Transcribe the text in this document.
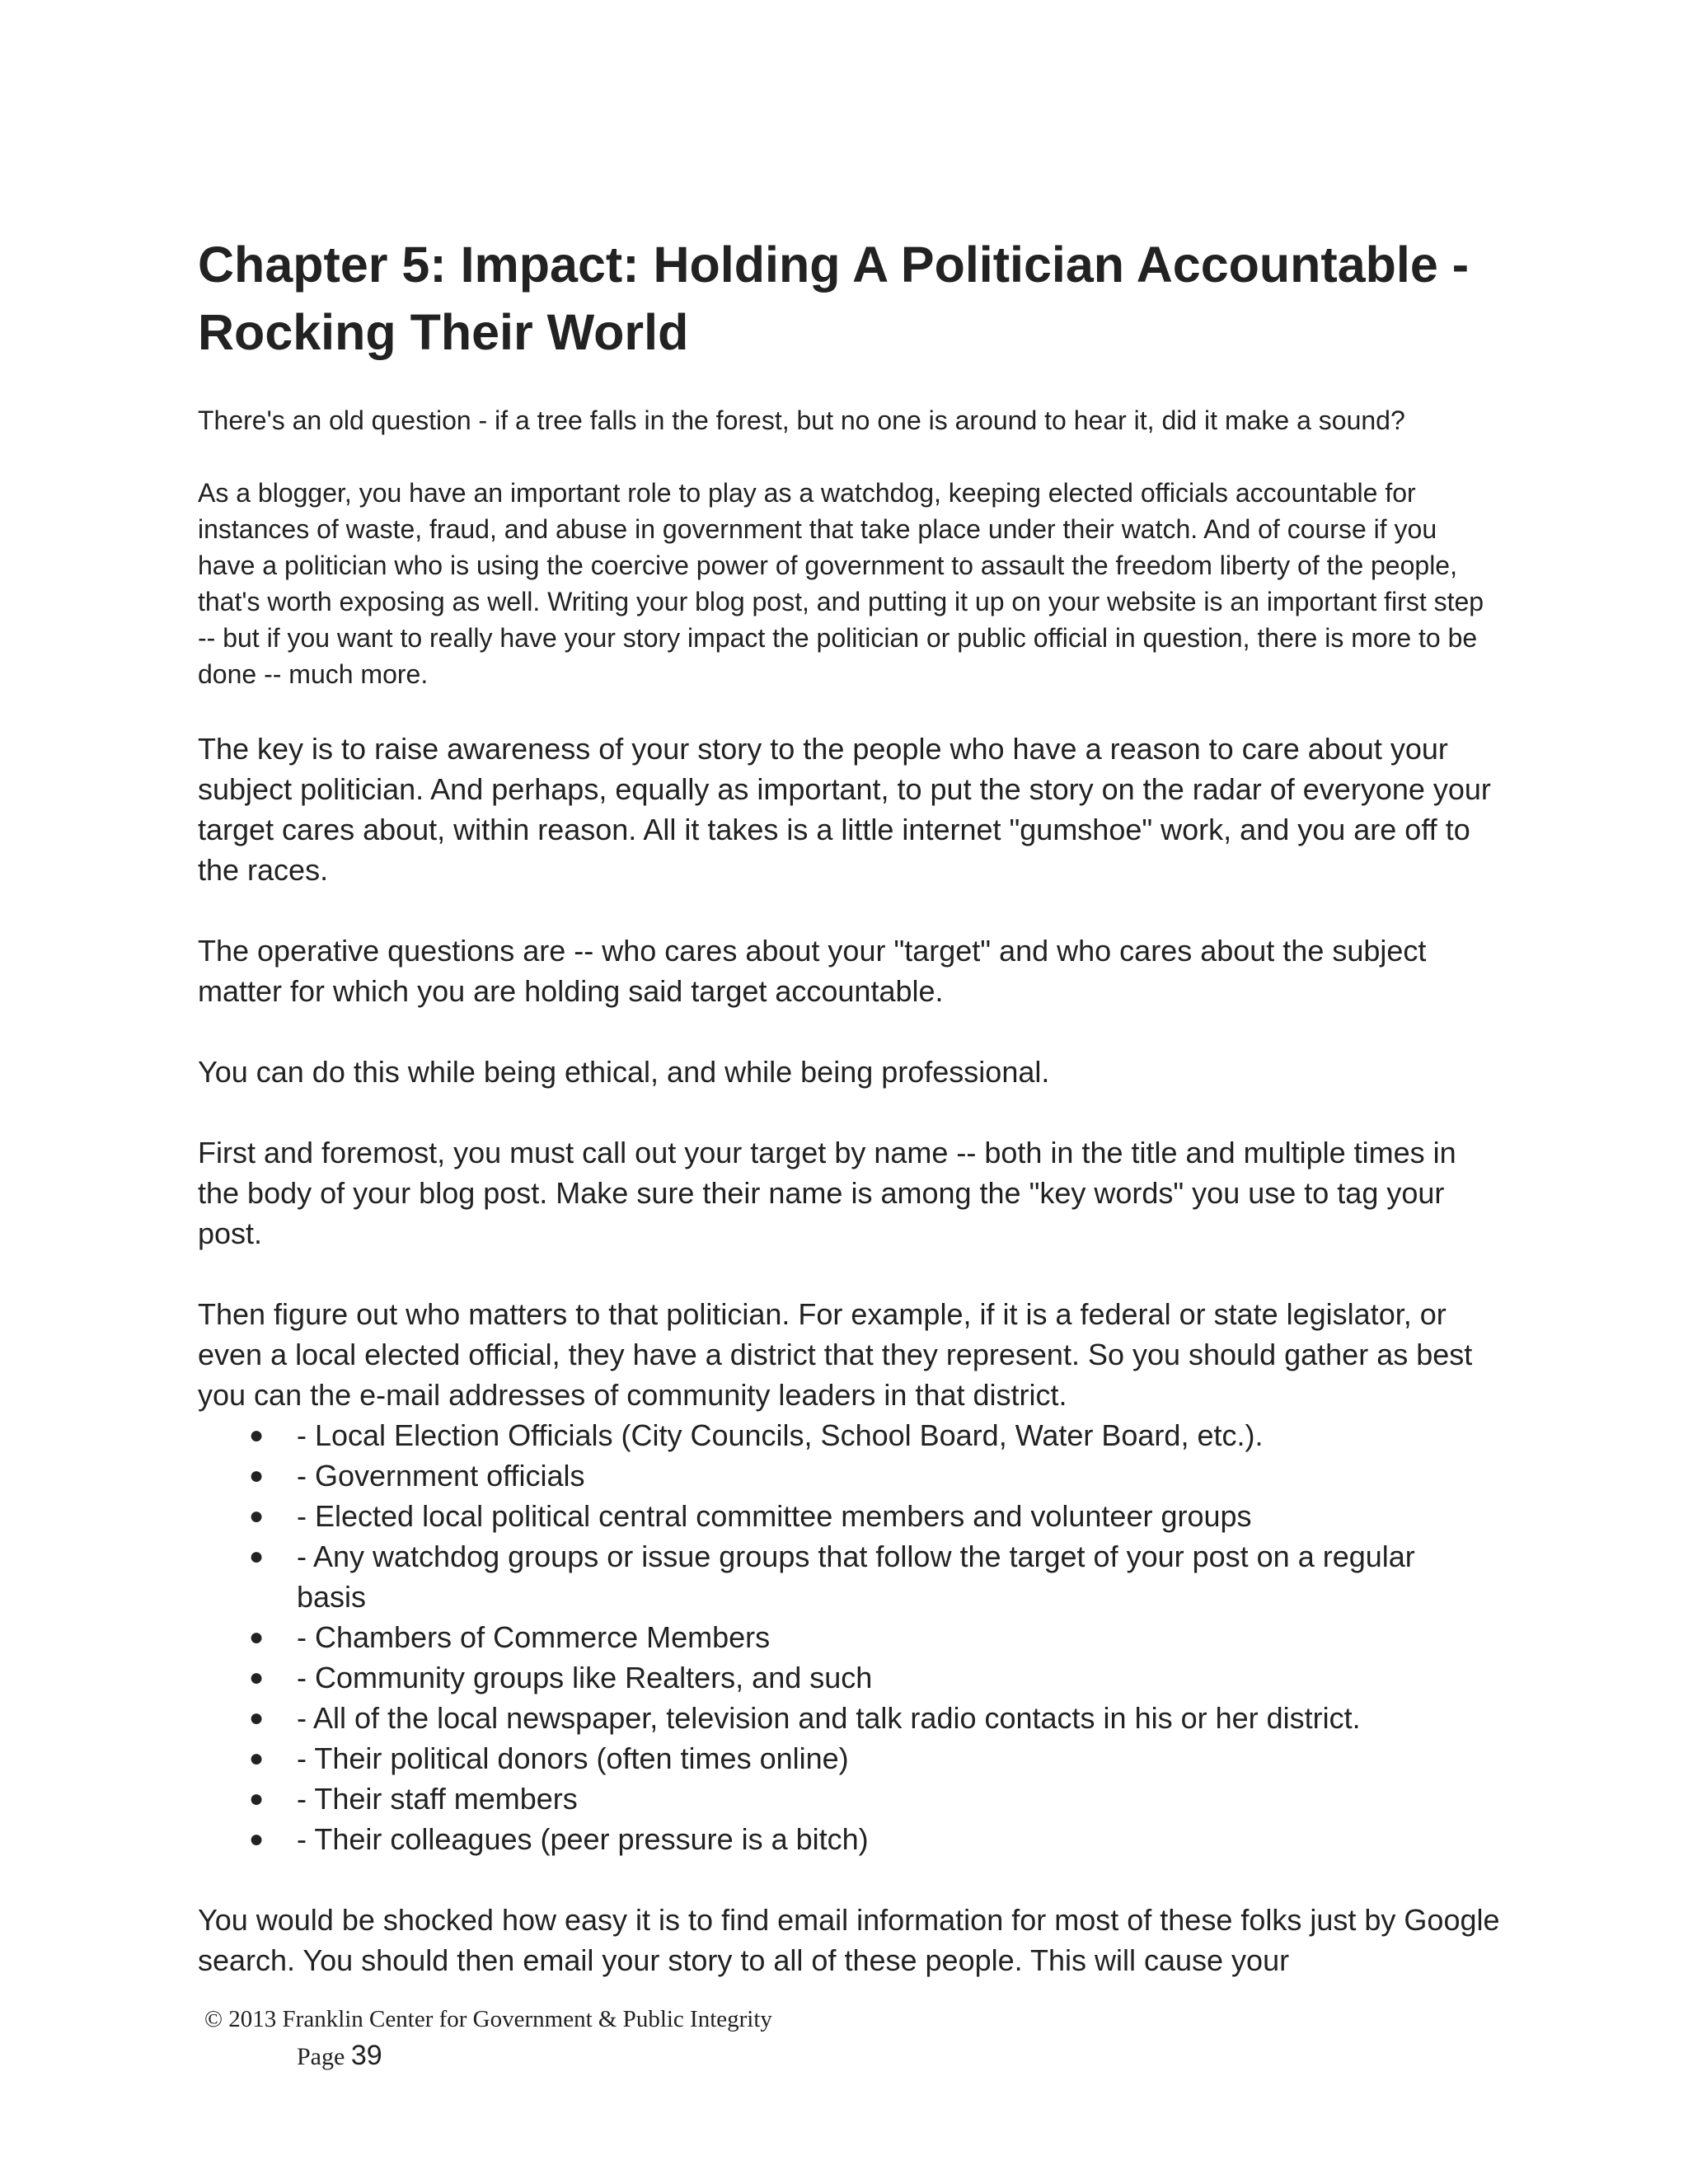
Chapter 5: Impact: Holding A Politician Accountable - Rocking Their World

There's an old question - if a tree falls in the forest, but no one is around to hear it, did it make a sound?

As a blogger, you have an important role to play as a watchdog, keeping elected officials accountable for instances of waste, fraud, and abuse in government that take place under their watch. And of course if you have a politician who is using the coercive power of government to assault the freedom liberty of the people, that's worth exposing as well. Writing your blog post, and putting it up on your website is an important first step -- but if you want to really have your story impact the politician or public official in question, there is more to be done -- much more.

The key is to raise awareness of your story to the people who have a reason to care about your subject politician. And perhaps, equally as important, to put the story on the radar of everyone your target cares about, within reason. All it takes is a little internet "gumshoe" work, and you are off to the races.

The operative questions are -- who cares about your "target" and who cares about the subject matter for which you are holding said target accountable.

You can do this while being ethical, and while being professional.

First and foremost, you must call out your target by name -- both in the title and multiple times in the body of your blog post. Make sure their name is among the "key words" you use to tag your post.

Then figure out who matters to that politician. For example, if it is a federal or state legislator, or even a local elected official, they have a district that they represent. So you should gather as best you can the e-mail addresses of community leaders in that district.

● - Local Election Officials (City Councils, School Board, Water Board, etc.).
● - Government officials
● - Elected local political central committee members and volunteer groups
● - Any watchdog groups or issue groups that follow the target of your post on a regular basis
● - Chambers of Commerce Members
● - Community groups like Realters, and such
● - All of the local newspaper, television and talk radio contacts in his or her district.
● - Their political donors (often times online)
● - Their staff members
● - Their colleagues (peer pressure is a bitch)

You would be shocked how easy it is to find email information for most of these folks just by Google search. You should then email your story to all of these people. This will cause your

© 2013 Franklin Center for Government & Public Integrity
Page 39
